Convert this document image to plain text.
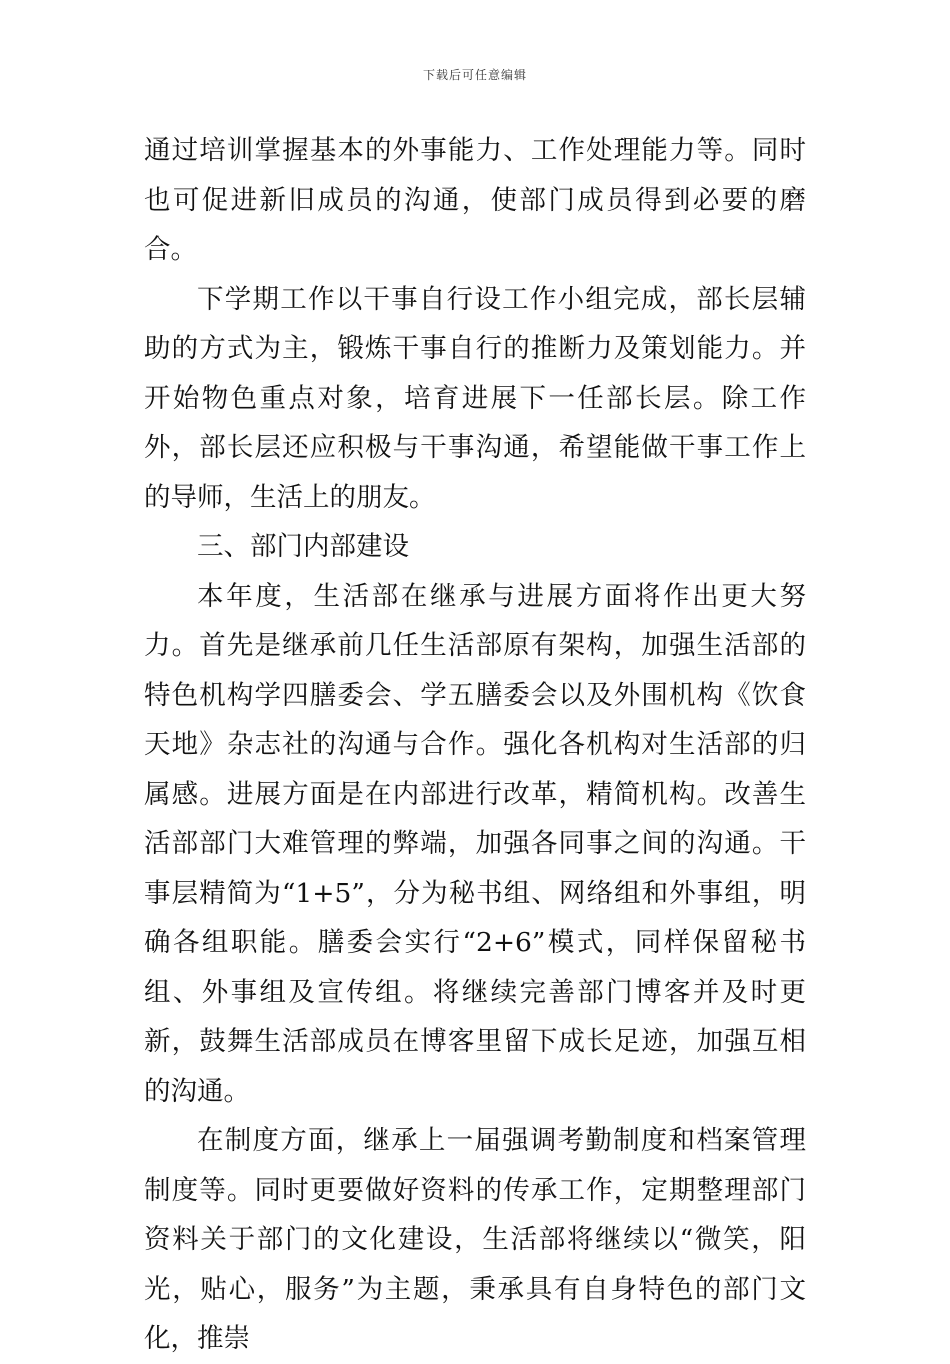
下载后可任意编辑

通过培训掌握基本的外事能力、工作处理能力等。同时也可促进新旧成员的沟通，使部门成员得到必要的磨合。

下学期工作以干事自行设工作小组完成，部长层辅助的方式为主，锻炼干事自行的推断力及策划能力。并开始物色重点对象，培育进展下一任部长层。除工作外，部长层还应积极与干事沟通，希望能做干事工作上的导师，生活上的朋友。

三、部门内部建设

本年度，生活部在继承与进展方面将作出更大努力。首先是继承前几任生活部原有架构，加强生活部的特色机构学四膳委会、学五膳委会以及外围机构《饮食天地》杂志社的沟通与合作。强化各机构对生活部的归属感。进展方面是在内部进行改革，精简机构。改善生活部部门大难管理的弊端，加强各同事之间的沟通。干事层精简为“1+5”，分为秘书组、网络组和外事组，明确各组职能。膳委会实行“2+6”模式，同样保留秘书组、外事组及宣传组。将继续完善部门博客并及时更新，鼓舞生活部成员在博客里留下成长足迹，加强互相的沟通。

在制度方面，继承上一届强调考勤制度和档案管理制度等。同时更要做好资料的传承工作，定期整理部门资料关于部门的文化建设，生活部将继续以“微笑，阳光，贴心，服务”为主题，秉承具有自身特色的部门文化，推崇
